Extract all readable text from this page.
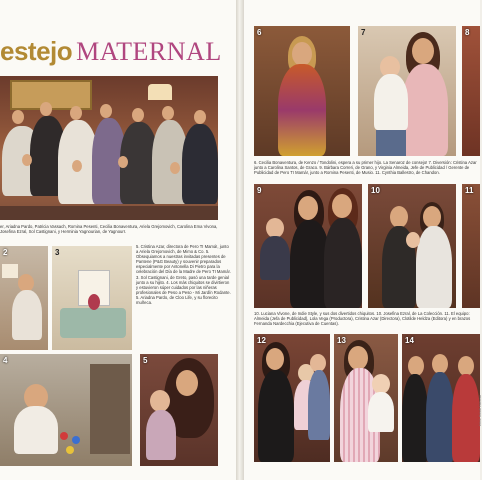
estejo MATERNAL
er, Ariadna Pardo, Patricia Vassach, Romina Pesenti, Cecilia Bonaventura, Ariela Grejomovich, Carolina Ema Vivona, Josefina Ezral, Sol Castignani, y Herminia Yagnourian, de Yagnourr.
2	3
5. Cristina Azar, directora de Pero TI Mamá!, junto a Ariela Grejomovich, de Mimo & Co. 5. Obsequiamos a nuestras invitadas presentes de Pantene (P&G Beauty) y souvenir preparados especialmente por Antonella Di Pietro para la celebración del Día de la Madre de Pero TI Mamá!. 3. Sol Castignani, de Greto, pasó una tarde genial junto a su hijito. 4. Los más chiquitos se divirtieron y estuvieron súper cuidados por las niñeras profesionales de Peso a Peso - Mi Jardín Rodante. 5. Ariadna Pardo, de Cloo Life, y su florecito muñeca.
4	5
6	7	8
6. Cecilia Bonaventura, de Kenzo / Tondolini, espera a su primer hijo. La Senaroz de consejo! 7. Diversión: Cristina Azar junto a Carolina Santos, de Graco. 9. Bárbara Correri, de Grano, y Virginia Almeida, Jefe de Publicidad / Gerente de Publicidad de Pero TI Mamá!, junto a Romina Pesenti, de Musio. 11. Cynthia Ballestro, de Chandon.
9	10	11
10. Luciana Vivone, de Indie Style, y sus dos divertidos chiquitos. 10. Josefina Ezral, de La Colección. 11. El equipo: Almeida (Jefa de Publicidad), Lola Vega (Productora), Cristina Azar (Directora), Clotilde Heldza (Editora) y en brazos Fernanda Nardecchia (Ejecutiva de Cuentas).
12	13	14
Fotos: Bonelli Cámaras
